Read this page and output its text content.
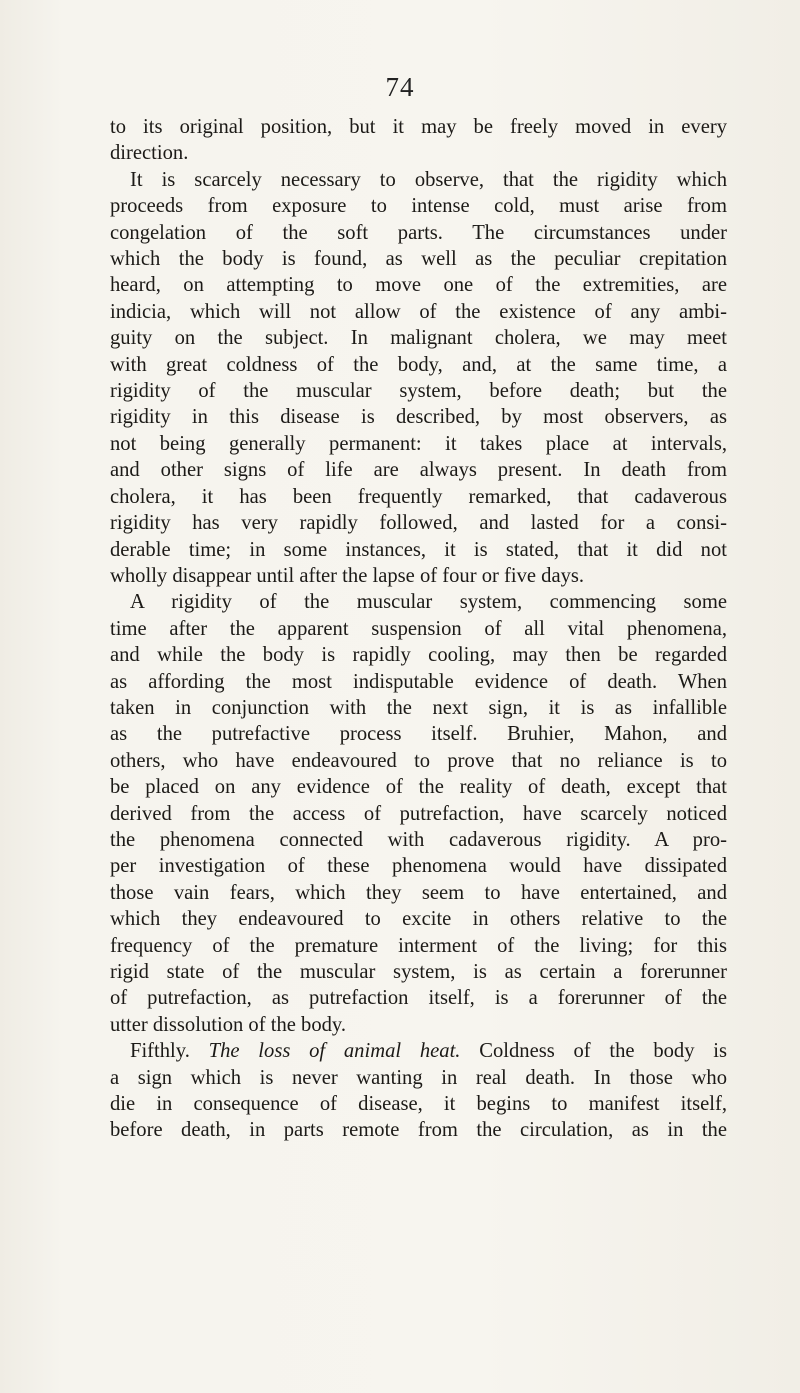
74

to its original position, but it may be freely moved in every
direction.

It is scarcely necessary to observe, that the rigidity which
proceeds from exposure to intense cold, must arise from
congelation of the soft parts. The circumstances under
which the body is found, as well as the peculiar crepitation
heard, on attempting to move one of the extremities, are
indicia, which will not allow of the existence of any ambi-
guity on the subject. In malignant cholera, we may meet
with great coldness of the body, and, at the same time, a
rigidity of the muscular system, before death; but the
rigidity in this disease is described, by most observers, as
not being generally permanent: it takes place at intervals,
and other signs of life are always present. In death from
cholera, it has been frequently remarked, that cadaverous
rigidity has very rapidly followed, and lasted for a consi-
derable time; in some instances, it is stated, that it did not
wholly disappear until after the lapse of four or five days.

A rigidity of the muscular system, commencing some
time after the apparent suspension of all vital phenomena,
and while the body is rapidly cooling, may then be regarded
as affording the most indisputable evidence of death. When
taken in conjunction with the next sign, it is as infallible
as the putrefactive process itself. Bruhier, Mahon, and
others, who have endeavoured to prove that no reliance is to
be placed on any evidence of the reality of death, except that
derived from the access of putrefaction, have scarcely noticed
the phenomena connected with cadaverous rigidity. A pro-
per investigation of these phenomena would have dissipated
those vain fears, which they seem to have entertained, and
which they endeavoured to excite in others relative to the
frequency of the premature interment of the living; for this
rigid state of the muscular system, is as certain a forerunner
of putrefaction, as putrefaction itself, is a forerunner of the
utter dissolution of the body.

Fifthly. The loss of animal heat. Coldness of the body is
a sign which is never wanting in real death. In those who
die in consequence of disease, it begins to manifest itself,
before death, in parts remote from the circulation, as in the
